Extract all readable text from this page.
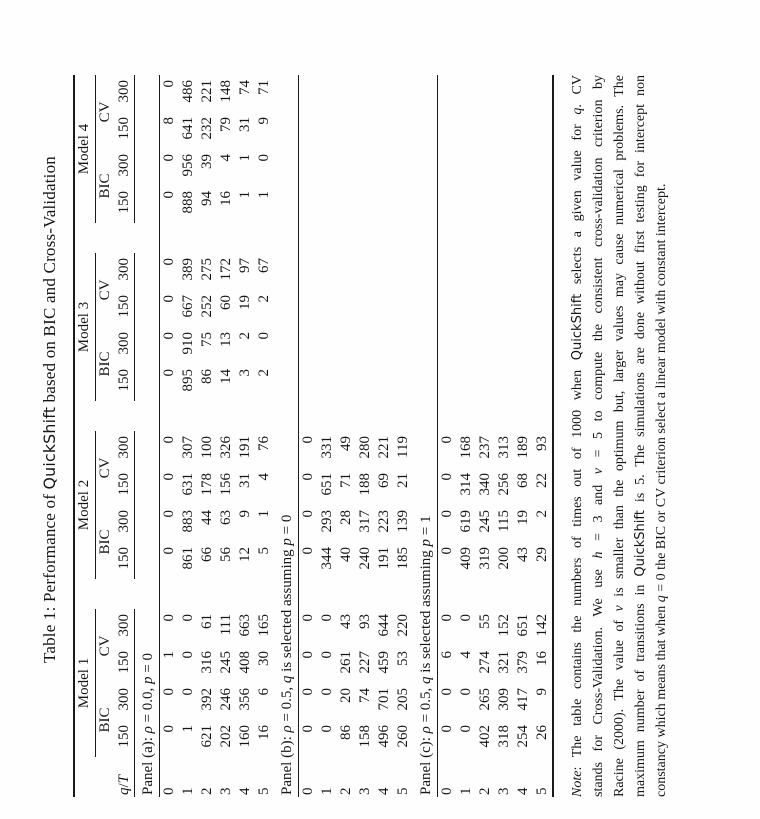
Table 1: Performance of QuickShift based on BIC and Cross-Validation
	Model 1					Model 2					Model 3					Model 4			
	BIC		CV			BIC		CV			BIC		CV			BIC		CV	
q/T	150	300	150	300		150	300	150	300		150	300	150	300		150	300	150	300
Panel (a): ρ = 0.0, p = 0																			
0	0	0	1	0		0	0	0	0		0	0	0	0		0	0	8	0
1	1	0	0	0		861	883	631	307		895	910	667	389		888	956	641	486
2	621	392	316	61		66	44	178	100		86	75	252	275		94	39	232	221
3	202	246	245	111		56	63	156	326		14	13	60	172		16	4	79	148
4	160	356	408	663		12	9	31	191		3	2	19	97		1	1	31	74
5	16	6	30	165		5	1	4	76		2	0	2	67		1	0	9	71
Panel (b): ρ = 0.5, q is selected assuming p = 0																			
0	0	0	0	0		0	0	0	0										
1	0	0	0	0		344	293	651	331										
2	86	20	261	43		40	28	71	49										
3	158	74	227	93		240	317	188	280										
4	496	701	459	644		191	223	69	221										
5	260	205	53	220		185	139	21	119										
Panel (c): ρ = 0.5, q is selected assuming p = 1																			
0	0	0	6	0		0	0	0	0										
1	0	0	4	0		409	619	314	168										
2	402	265	274	55		319	245	340	237										
3	318	309	321	152		200	115	256	313										
4	254	417	379	651		43	19	68	189										
5	26	9	16	142		29	2	22	93										
Note: The table contains the numbers of times out of 1000 when QuickShift selects a given value for q. CV
stands for Cross-Validation. We use h = 3 and v = 5 to compute the consistent cross-validation criterion by
Racine (2000). The value of v is smaller than the optimum but, larger values may cause numerical problems. The
maximum number of transitions in QuickShift is 5. The simulations are done without first testing for intercept non
constancy which means that when q = 0 the BIC or CV criterion select a linear model with constant intercept.
